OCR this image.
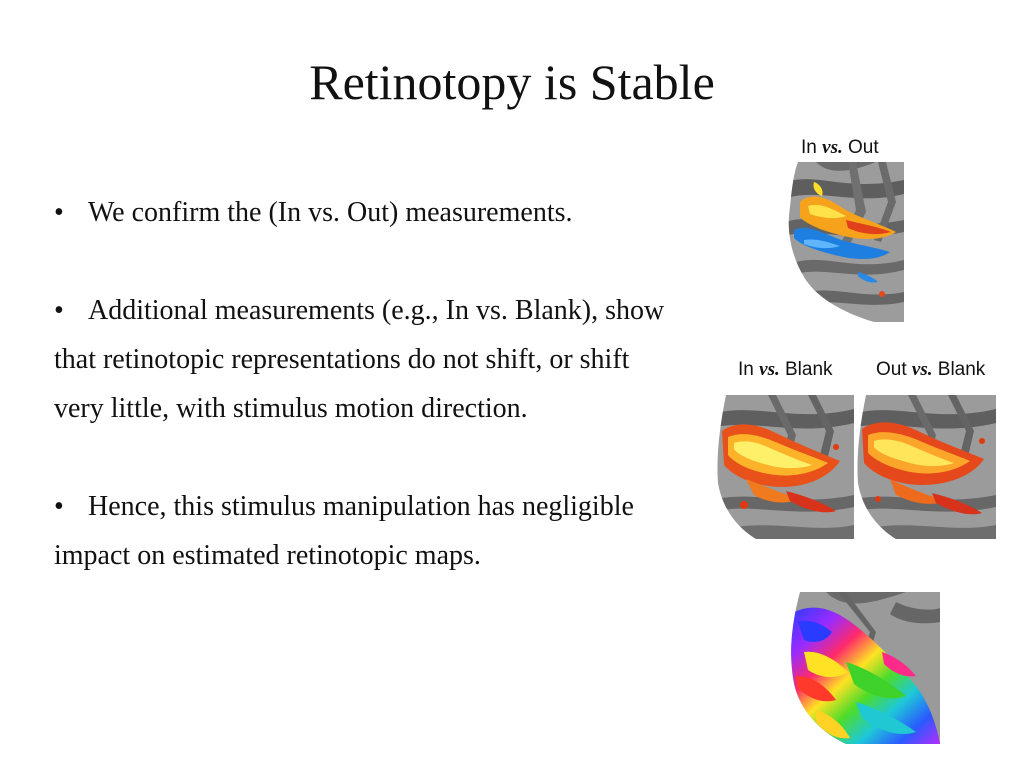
Retinotopy is Stable

• We confirm the (In vs. Out) measurements.

• Additional measurements (e.g., In vs. Blank), show that retinotopic representations do not shift, or shift very little, with stimulus motion direction.

• Hence, this stimulus manipulation has negligible impact on estimated retinotopic maps.

In vs. Out
In vs. Blank Out vs. Blank
